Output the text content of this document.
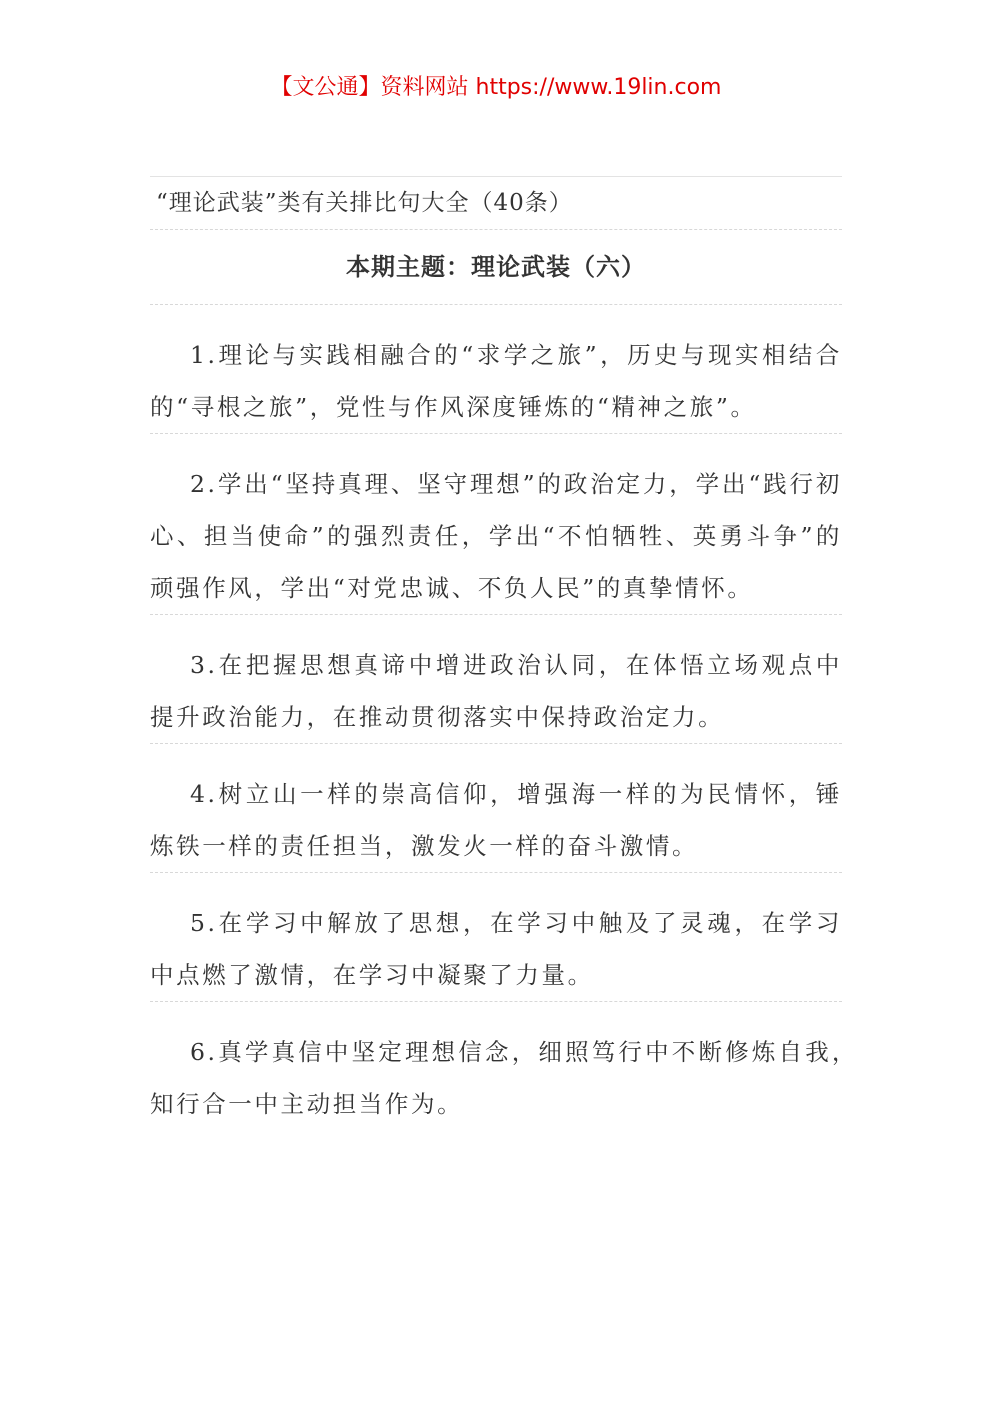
【文公通】资料网站 https://www.19lin.com
“理论武装”类有关排比句大全（40条）
本期主题：理论武装（六）
1.理论与实践相融合的“求学之旅”，历史与现实相结合的“寻根之旅”，党性与作风深度锤炼的“精神之旅”。
2.学出“坚持真理、坚守理想”的政治定力，学出“践行初心、担当使命”的强烈责任，学出“不怕牺牲、英勇斗争”的顽强作风，学出“对党忠诚、不负人民”的真挚情怀。
3.在把握思想真谛中增进政治认同，在体悟立场观点中提升政治能力，在推动贯彻落实中保持政治定力。
4.树立山一样的崇高信仰，增强海一样的为民情怀，锤炼铁一样的责任担当，激发火一样的奋斗激情。
5.在学习中解放了思想，在学习中触及了灵魂，在学习中点燃了激情，在学习中凝聚了力量。
6.真学真信中坚定理想信念，细照笃行中不断修炼自我，知行合一中主动担当作为。
